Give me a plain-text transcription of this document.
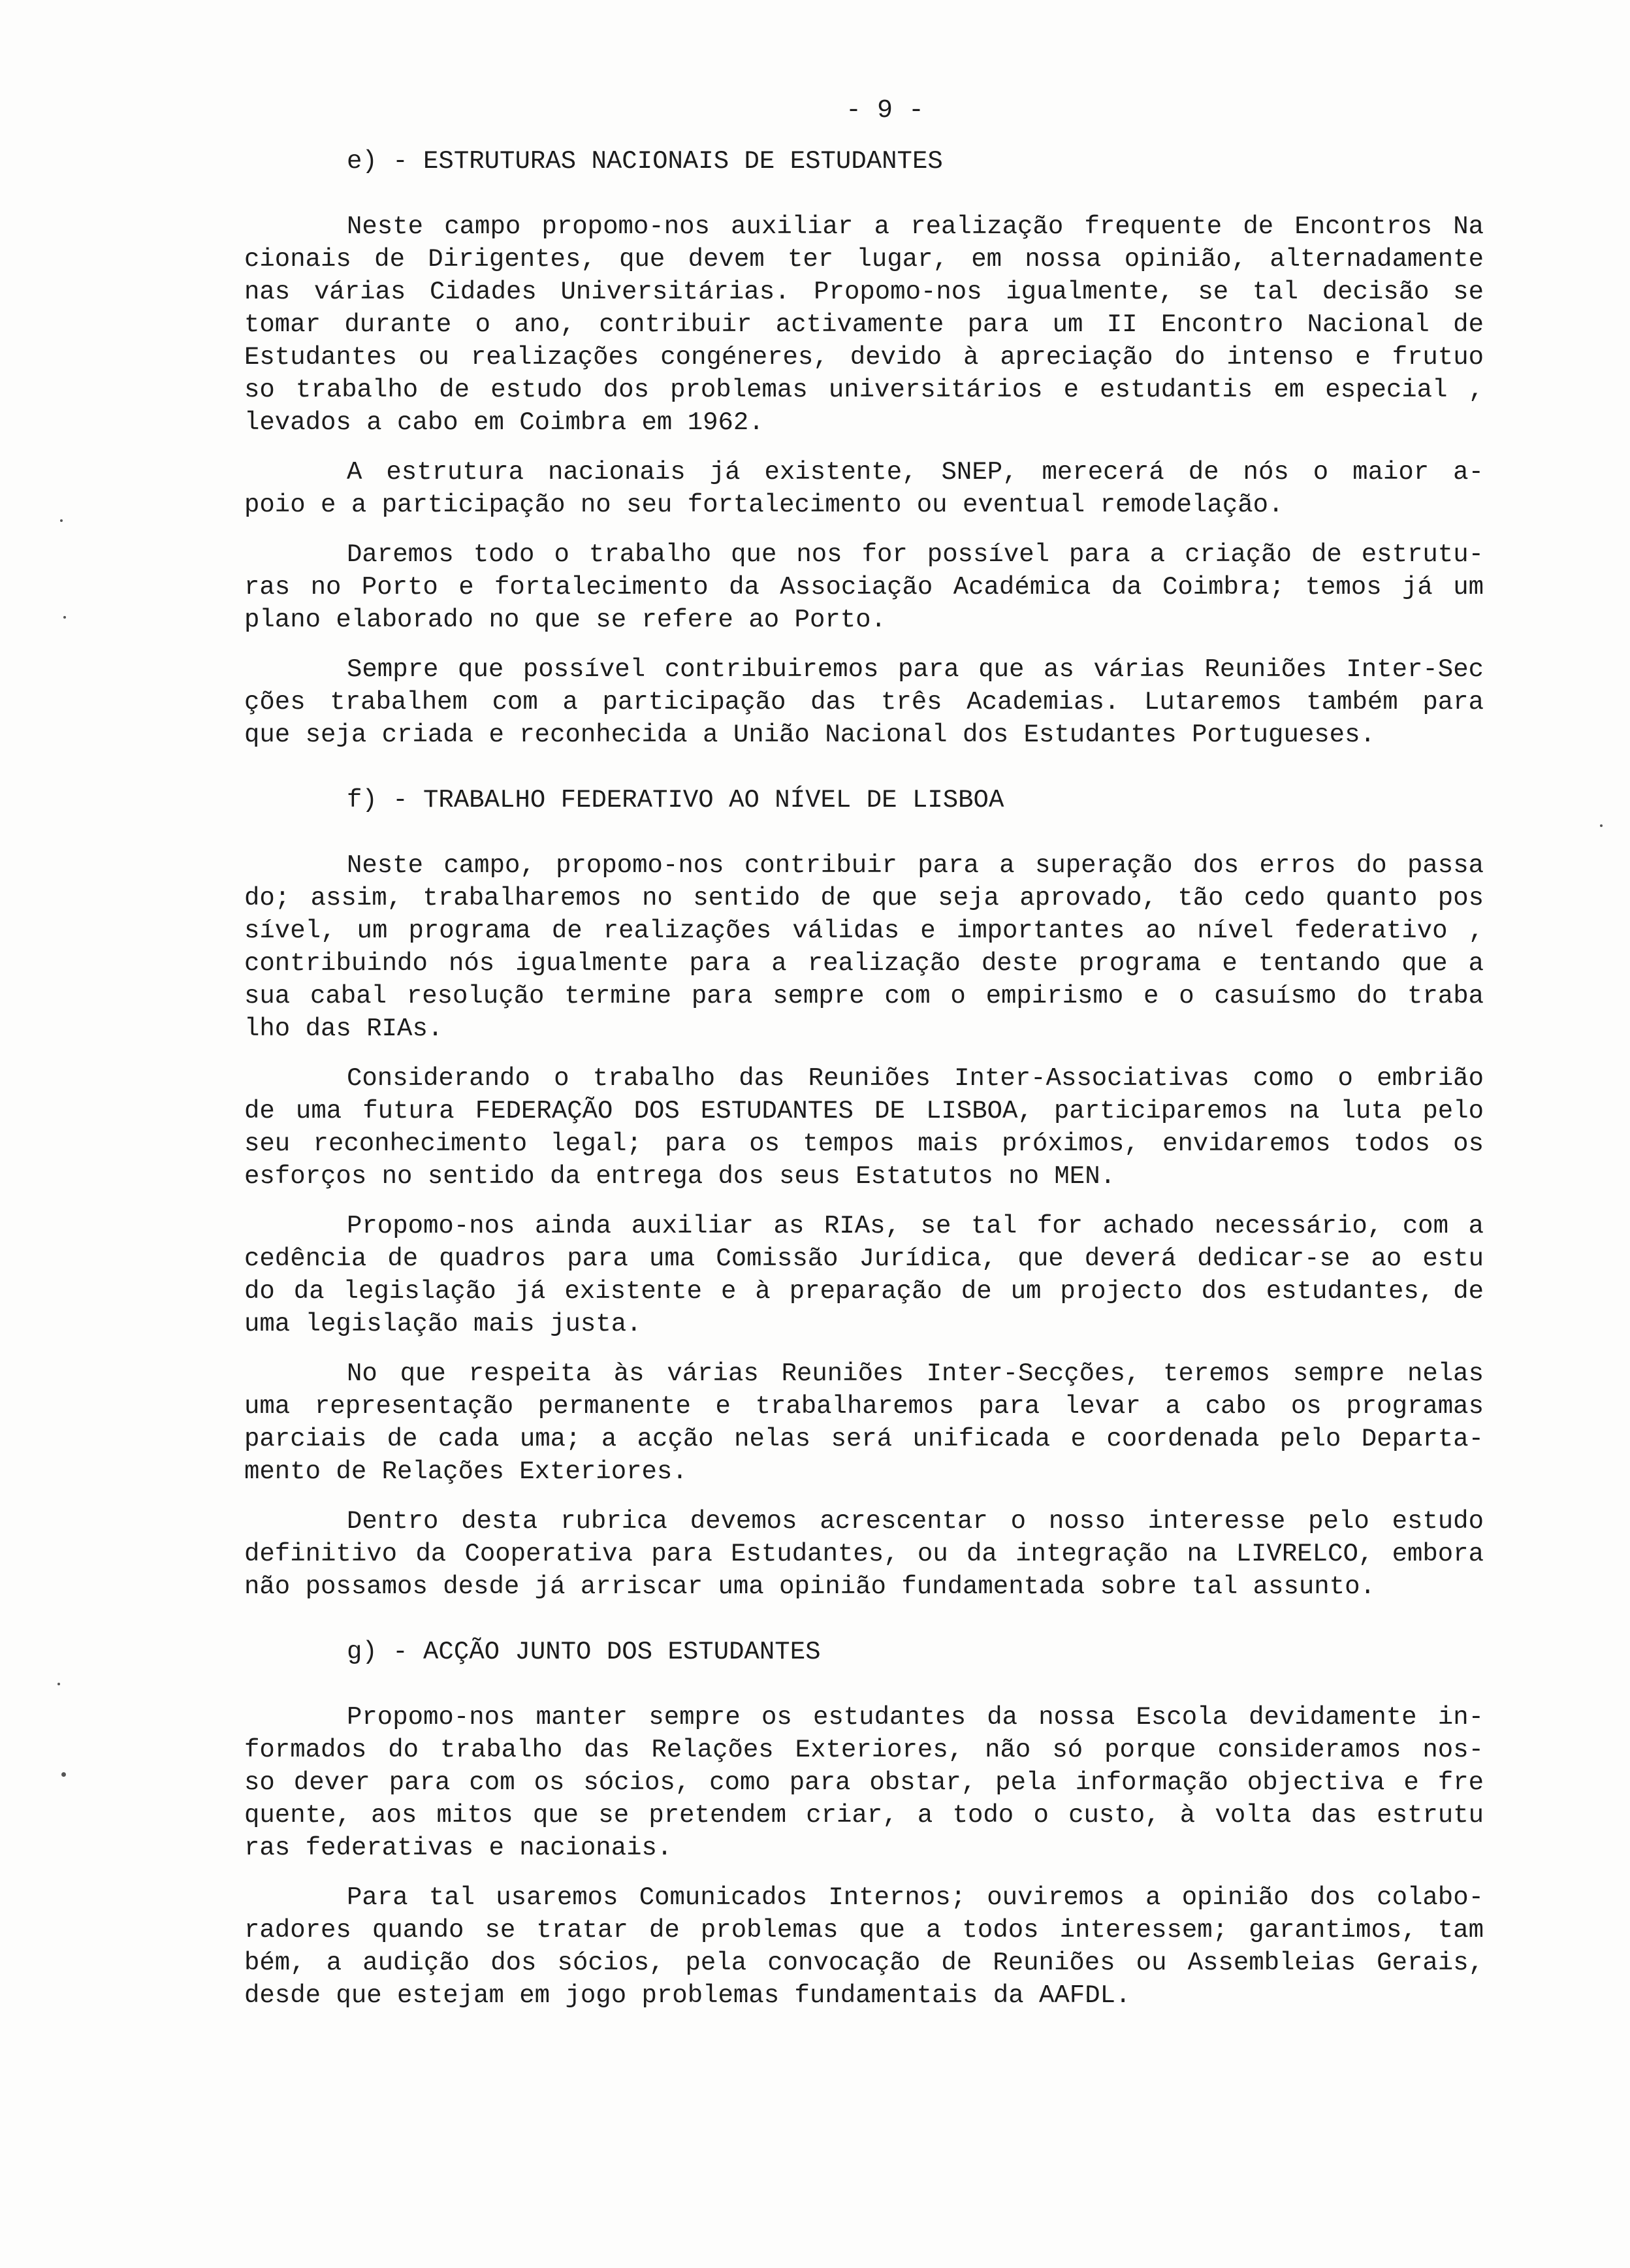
- 9 -
e) - ESTRUTURAS NACIONAIS DE ESTUDANTES
Neste campo propomo-nos auxiliar a realização frequente de Encontros Na
cionais de Dirigentes, que devem ter lugar, em nossa opinião, alternadamente
nas várias Cidades Universitárias. Propomo-nos igualmente, se tal decisão se
tomar durante o ano, contribuir activamente para um II Encontro Nacional de
Estudantes ou realizações congéneres, devido à apreciação do intenso e frutuo
so trabalho de estudo dos problemas universitários e estudantis em especial ,
levados a cabo em Coimbra em 1962.
A estrutura nacionais já existente, SNEP, merecerá de nós o maior a-
poio e a participação no seu fortalecimento ou eventual remodelação.
Daremos todo o trabalho que nos for possível para a criação de estrutu-
ras no Porto e fortalecimento da Associação Académica da Coimbra; temos já um
plano elaborado no que se refere ao Porto.
Sempre que possível contribuiremos para que as várias Reuniões Inter-Sec
ções trabalhem com a participação das três Academias. Lutaremos também para
que seja criada e reconhecida a União Nacional dos Estudantes Portugueses.
f) - TRABALHO FEDERATIVO AO NÍVEL DE LISBOA
Neste campo, propomo-nos contribuir para a superação dos erros do passa
do; assim, trabalharemos no sentido de que seja aprovado, tão cedo quanto pos
sível, um programa de realizações válidas e importantes ao nível federativo ,
contribuindo nós igualmente para a realização deste programa e tentando que a
sua cabal resolução termine para sempre com o empirismo e o casuísmo do traba
lho das RIAs.
Considerando o trabalho das Reuniões Inter-Associativas como o embrião
de uma futura FEDERAÇÃO DOS ESTUDANTES DE LISBOA, participaremos na luta pelo
seu reconhecimento legal; para os tempos mais próximos, envidaremos todos os
esforços no sentido da entrega dos seus Estatutos no MEN.
Propomo-nos ainda auxiliar as RIAs, se tal for achado necessário, com a
cedência de quadros para uma Comissão Jurídica, que deverá dedicar-se ao estu
do da legislação já existente e à preparação de um projecto dos estudantes, de
uma legislação mais justa.
No que respeita às várias Reuniões Inter-Secções, teremos sempre nelas
uma representação permanente e trabalharemos para levar a cabo os programas
parciais de cada uma; a acção nelas será unificada e coordenada pelo Departa-
mento de Relações Exteriores.
Dentro desta rubrica devemos acrescentar o nosso interesse pelo estudo
definitivo da Cooperativa para Estudantes, ou da integração na LIVRELCO, embora
não possamos desde já arriscar uma opinião fundamentada sobre tal assunto.
g) - ACÇÃO JUNTO DOS ESTUDANTES
Propomo-nos manter sempre os estudantes da nossa Escola devidamente in-
formados do trabalho das Relações Exteriores, não só porque consideramos nos-
so dever para com os sócios, como para obstar, pela informação objectiva e fre
quente, aos mitos que se pretendem criar, a todo o custo, à volta das estrutu
ras federativas e nacionais.
Para tal usaremos Comunicados Internos; ouviremos a opinião dos colabo-
radores quando se tratar de problemas que a todos interessem; garantimos, tam
bém, a audição dos sócios, pela convocação de Reuniões ou Assembleias Gerais,
desde que estejam em jogo problemas fundamentais da AAFDL.
